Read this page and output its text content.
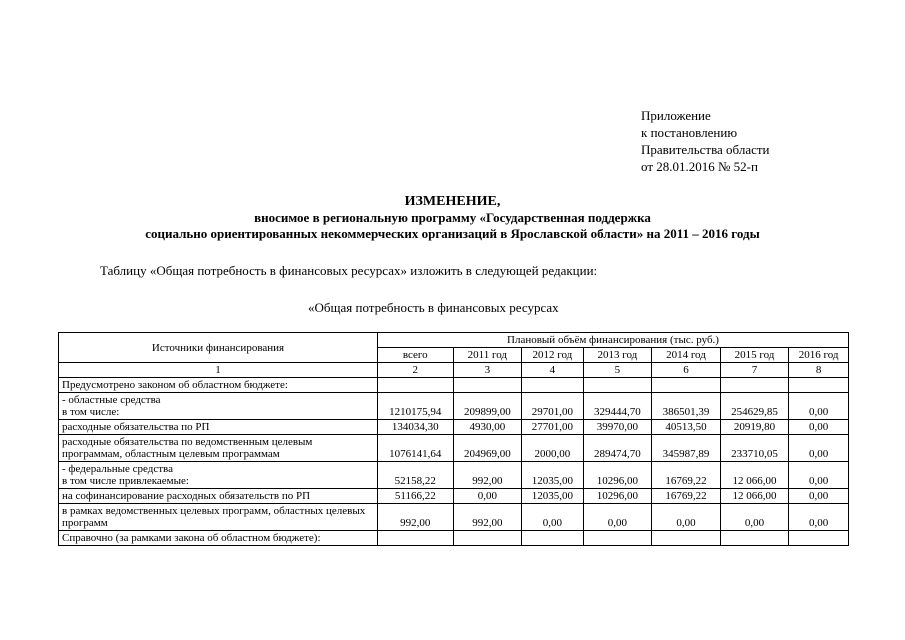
Приложение
к постановлению
Правительства области
от 28.01.2016 № 52-п
ИЗМЕНЕНИЕ,
вносимое в региональную программу «Государственная поддержка
социально ориентированных некоммерческих организаций в Ярославской области» на 2011 – 2016 годы
Таблицу «Общая потребность в финансовых ресурсах» изложить в следующей редакции:
«Общая потребность в финансовых ресурсах
Источники финансирования	Плановый объём финансирования (тыс. руб.)						
	всего	2011 год	2012 год	2013 год	2014 год	2015 год	2016 год
1	2	3	4	5	6	7	8
Предусмотрено законом об областном бюджете:							
- областные средства
в том числе:	1210175,94	209899,00	29701,00	329444,70	386501,39	254629,85	0,00
расходные обязательства по РП	134034,30	4930,00	27701,00	39970,00	40513,50	20919,80	0,00
расходные обязательства по ведомственным целевым программам, областным целевым программам	1076141,64	204969,00	2000,00	289474,70	345987,89	233710,05	0,00
- федеральные средства
в том числе привлекаемые:	52158,22	992,00	12035,00	10296,00	16769,22	12 066,00	0,00
на софинансирование расходных обязательств по РП	51166,22	0,00	12035,00	10296,00	16769,22	12 066,00	0,00
в рамках ведомственных целевых программ, областных целевых программ	992,00	992,00	0,00	0,00	0,00	0,00	0,00
Справочно (за рамками закона об областном бюджете):							
